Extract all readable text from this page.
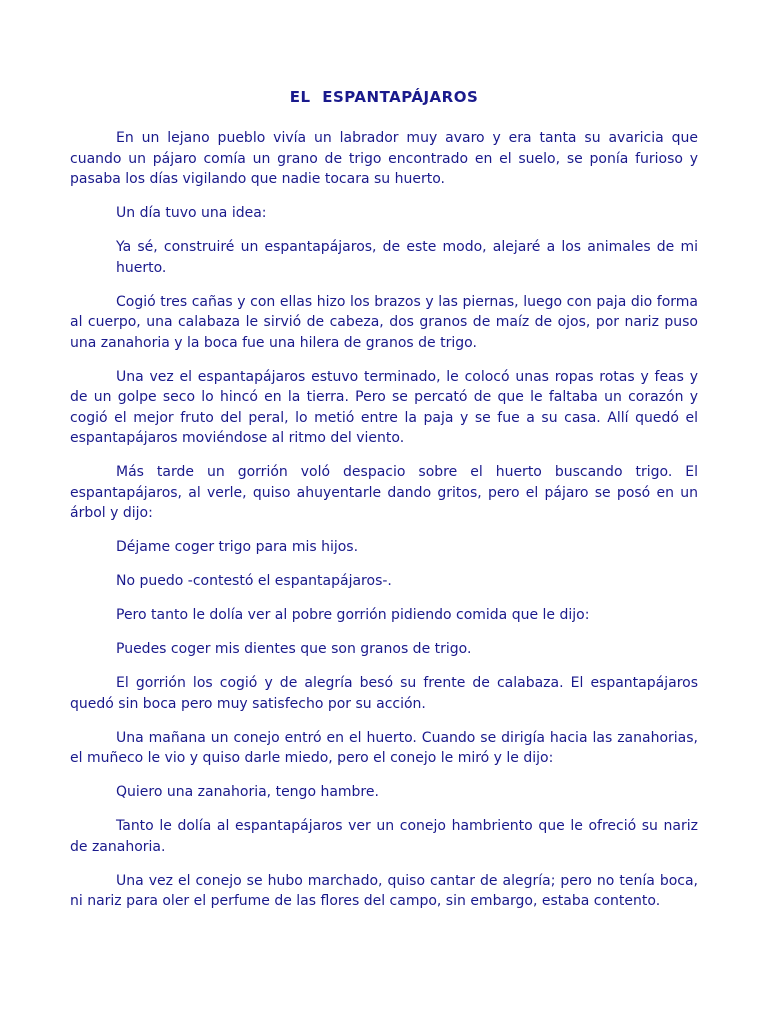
EL ESPANTAPÁJAROS

En un lejano pueblo vivía un labrador muy avaro y era tanta su avaricia que cuando un pájaro comía un grano de trigo encontrado en el suelo, se ponía furioso y pasaba los días vigilando que nadie tocara su huerto.

Un día tuvo una idea:

Ya sé, construiré un espantapájaros, de este modo, alejaré a los animales de mi huerto.

Cogió tres cañas y con ellas hizo los brazos y las piernas, luego con paja dio forma al cuerpo, una calabaza le sirvió de cabeza, dos granos de maíz de ojos, por nariz puso una zanahoria y la boca fue una hilera de granos de trigo.

Una vez el espantapájaros estuvo terminado, le colocó unas ropas rotas y feas y de un golpe seco lo hincó en la tierra. Pero se percató de que le faltaba un corazón y cogió el mejor fruto del peral, lo metió entre la paja y se fue a su casa. Allí quedó el espantapájaros moviéndose al ritmo del viento.

Más tarde un gorrión voló despacio sobre el huerto buscando trigo. El espantapájaros, al verle, quiso ahuyentarle dando gritos, pero el pájaro se posó en un árbol y dijo:

Déjame coger trigo para mis hijos.

No puedo -contestó el espantapájaros-.

Pero tanto le dolía ver al pobre gorrión pidiendo comida que le dijo:

Puedes coger mis dientes que son granos de trigo.

El gorrión los cogió y de alegría besó su frente de calabaza. El espantapájaros quedó sin boca pero muy satisfecho por su acción.

Una mañana un conejo entró en el huerto. Cuando se dirigía hacia las zanahorias, el muñeco le vio y quiso darle miedo, pero el conejo le miró y le dijo:

Quiero una zanahoria, tengo hambre.

Tanto le dolía al espantapájaros ver un conejo hambriento que le ofreció su nariz de zanahoria.

Una vez el conejo se hubo marchado, quiso cantar de alegría; pero no tenía boca, ni nariz para oler el perfume de las flores del campo, sin embargo, estaba contento.
